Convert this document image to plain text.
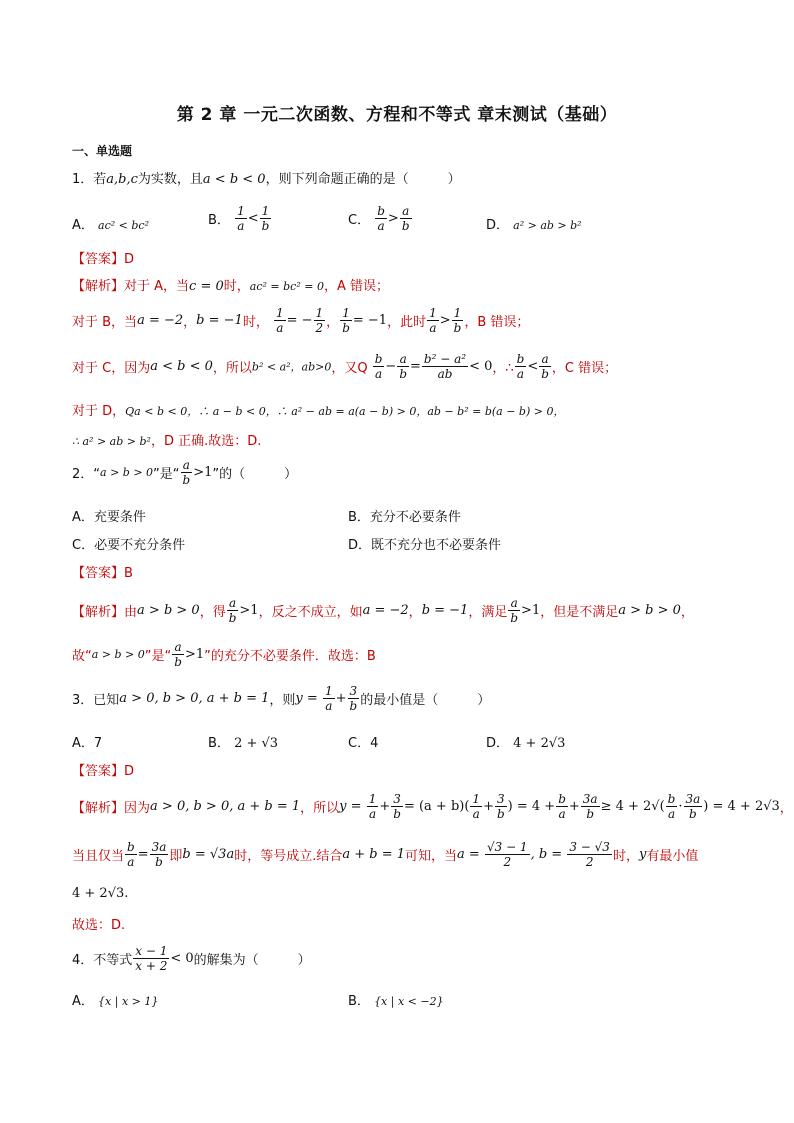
第 2 章 一元二次函数、方程和不等式 章末测试（基础）
一、单选题
1．若a,b,c为实数，且a < b < 0，则下列命题正确的是（　　　）
A． ac² < bc²	B． $\frac{1}{a} < \frac{1}{b}$	C． $\frac{b}{a} > \frac{a}{b}$	D． a² > ab > b²
【答案】D
【解析】对于 A，当c = 0时，ac² = bc² = 0，A 错误；
对于 B，当a = −2，b = −1时， $\frac{1}{a}$ = − $\frac{1}{2}$ ， $\frac{1}{b} = -1$，此时 $\frac{1}{a} > \frac{1}{b}$ ，B 错误；
对于 C，因为a < b < 0，所以b² < a²，ab>0，又Q $\frac{b}{a} - \frac{a}{b} = \frac{\text{b² − a²}}{ab} < 0$，∴ $\frac{b}{a} < \frac{a}{b}$ ，C 错误；
对于 D，Qa < b < 0，∴ a − b < 0，∴ a² − ab = a(a − b) > 0，ab − b² = b(a − b) > 0，
∴ a² > ab > b²，D 正确.故选：D.
2．“a > b > 0”是“ $\frac{a}{b} >1$”的（　　　）
A．充要条件	B．充分不必要条件
C．必要不充分条件	D．既不充分也不必要条件
【答案】B
【解析】由a > b > 0，得 $\frac{a}{b} >1$，反之不成立，如a = −2，b = −1，满足 $\frac{a}{b} >1$，但是不满足a > b > 0，
故“a > b > 0”是“ $\frac{a}{b} >1$”的充分不必要条件．故选：B
3．已知a > 0, b > 0, a + b = 1，则$y = \frac{1}{a} + \frac{3}{b}$ 的最小值是（　　　）
A．7	B． 2 + √3	C．4	D． 4 + 2√3
【答案】D
【解析】因为a > 0, b > 0, a + b = 1，所以$y = \frac{1}{a} + \frac{3}{b} = (a + b)( \frac{1}{a} + \frac{3}{b}$ ) = $4 + \frac{b}{a} + \frac{3a}{b} \ge 4 + 2√( \frac{b}{a} \cdot \frac{3a}{b}$ ) = 4 + 2√3，
当且仅当 $\frac{b}{a} = \frac{3a}{b}$ 即b = √3a时，等号成立.结合a + b = 1可知，当$a = \frac{√3 - 1}{2}$ , $b = \frac{3 - √3}{2}$ 时，y有最小值
4 + 2√3.
故选：D.
4．不等式 $\frac{x - 1}{x + 2} < 0$的解集为（　　　）
A． {x | x > 1}	B． {x | x < −2}
